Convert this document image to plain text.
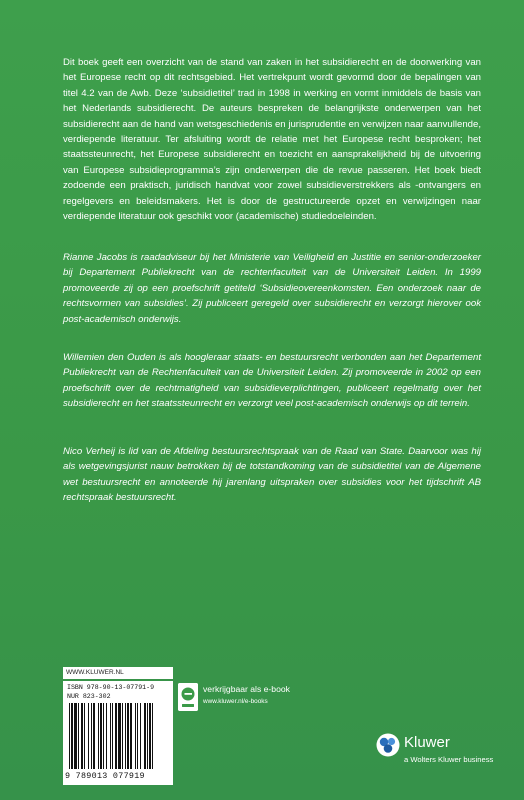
Dit boek geeft een overzicht van de stand van zaken in het subsidierecht en de doorwerking van het Europese recht op dit rechtsgebied. Het vertrekpunt wordt gevormd door de bepalingen van titel 4.2 van de Awb. Deze ‘subsidietitel’ trad in 1998 in werking en vormt inmiddels de basis van het Nederlands subsidierecht. De auteurs bespreken de belangrijkste onderwerpen van het subsidierecht aan de hand van wetsgeschiedenis en jurisprudentie en verwijzen naar aanvullende, verdiepende literatuur. Ter afsluiting wordt de relatie met het Europese recht besproken; het staatssteunrecht, het Europese subsidierecht en toezicht en aansprakelijkheid bij de uitvoering van Europese subsidieprogramma’s zijn onderwerpen die de revue passeren. Het boek biedt zodoende een praktisch, juridisch handvat voor zowel subsidieverstrekkers als -ontvangers en regelgevers en beleidsmakers. Het is door de gestructureerde opzet en verwijzingen naar verdiepende literatuur ook geschikt voor (academische) studiedoeleinden.

Rianne Jacobs is raadadviseur bij het Ministerie van Veiligheid en Justitie en senior-onderzoeker bij Departement Publiekrecht van de rechtenfaculteit van de Universiteit Leiden. In 1999 promoveerde zij op een proefschrift getiteld ‘Subsidieovereenkomsten. Een onderzoek naar de rechtsvormen van subsidies’. Zij publiceert geregeld over subsidierecht en verzorgt hierover ook post-academisch onderwijs.

Willemien den Ouden is als hoogleraar staats- en bestuursrecht verbonden aan het Departement Publiekrecht van de Rechtenfaculteit van de Universiteit Leiden. Zij promoveerde in 2002 op een proefschrift over de rechtmatigheid van subsidieverplichtingen, publiceert regelmatig over het subsidierecht en het staatssteunrecht en verzorgt veel post-academisch onderwijs op dit terrein.

Nico Verheij is lid van de Afdeling bestuursrechtspraak van de Raad van State. Daarvoor was hij als wetgevingsjurist nauw betrokken bij de totstandkoming van de subsidietitel van de Algemene wet bestuursrecht en annoteerde hij jarenlang uitspraken over subsidies voor het tijdschrift AB rechtspraak bestuursrecht.

WWW.KLUWER.NL
ISBN 978-90-13-07791-9
NUR 823-302
9 789013 077919
verkrijgbaar als e-book
www.kluwer.nl/e-books
Kluwer
a Wolters Kluwer business
